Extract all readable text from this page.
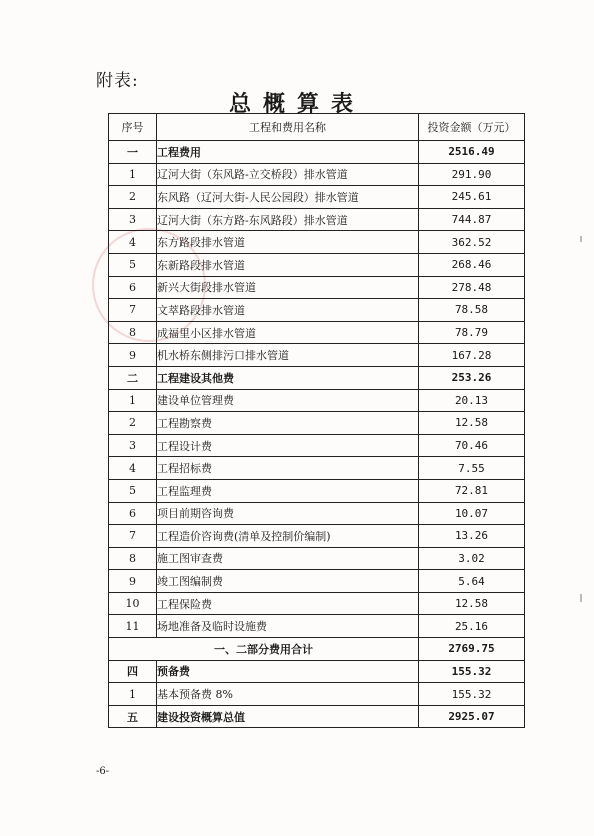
附表:
总概算表
序号	工程和费用名称	投资金额（万元）
一	工程费用	2516.49
1	辽河大街（东风路-立交桥段）排水管道	291.90
2	东风路（辽河大街-人民公园段）排水管道	245.61
3	辽河大街（东方路-东风路段）排水管道	744.87
4	东方路段排水管道	362.52
5	东新路段排水管道	268.46
6	新兴大街段排水管道	278.48
7	文萃路段排水管道	78.58
8	成福里小区排水管道	78.79
9	机水桥东侧排污口排水管道	167.28
二	工程建设其他费	253.26
1	建设单位管理费	20.13
2	工程勘察费	12.58
3	工程设计费	70.46
4	工程招标费	7.55
5	工程监理费	72.81
6	项目前期咨询费	10.07
7	工程造价咨询费(清单及控制价编制)	13.26
8	施工图审查费	3.02
9	竣工图编制费	5.64
10	工程保险费	12.58
11	场地准备及临时设施费	25.16
一、二部分费用合计		2769.75
四	预备费	155.32
1	基本预备费 8%	155.32
五	建设投资概算总值	2925.07
-6-
